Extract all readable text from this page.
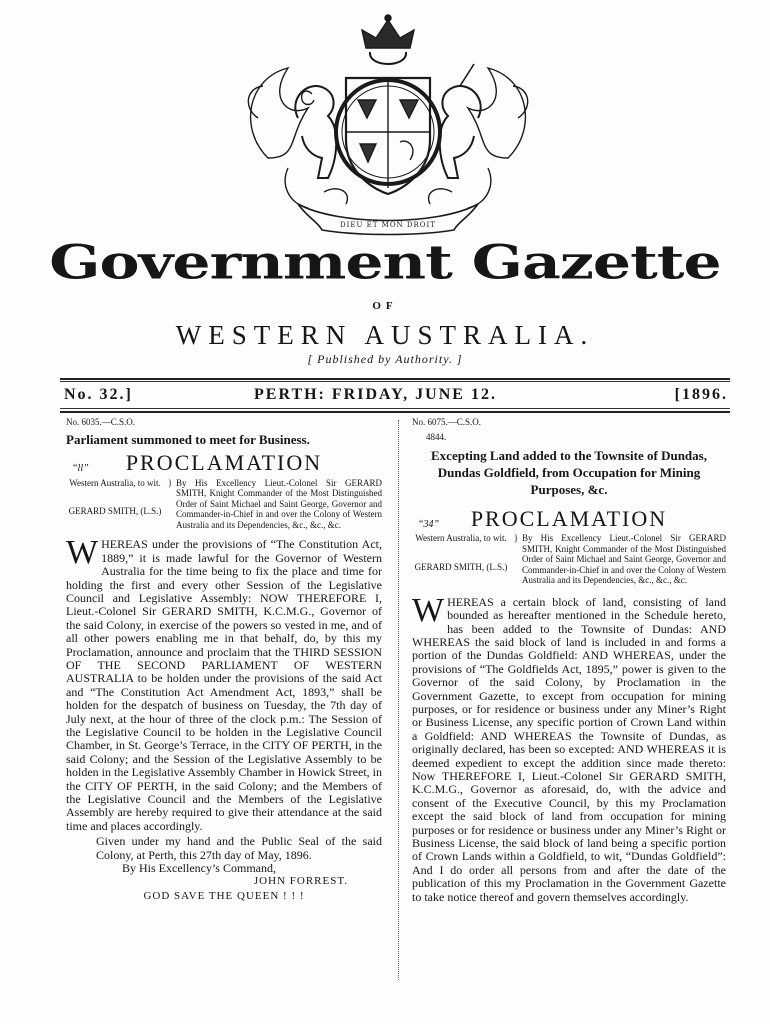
DIEU ET MON DROIT
Government Gazette
OF
WESTERN AUSTRALIA.
[ Published by Authority. ]
No. 32.]	PERTH: FRIDAY, JUNE 12.	[1896.
No. 6035.—C.S.O.
Parliament summoned to meet for Business.
“ll” PROCLAMATION
Western Australia, to wit.
GERARD SMITH, (L.S.)
} By His Excellency Lieut.-Colonel Sir GERARD SMITH, Knight Commander of the Most Distinguished Order of Saint Michael and Saint George, Governor and Commander-in-Chief in and over the Colony of Western Australia and its Dependencies, &c., &c., &c.
WHEREAS under the provisions of “The Constitution Act, 1889,” it is made lawful for the Governor of Western Australia for the time being to fix the place and time for holding the first and every other Session of the Legislative Council and Legislative Assembly: NOW THEREFORE I, Lieut.-Colonel Sir GERARD SMITH, K.C.M.G., Governor of the said Colony, in exercise of the powers so vested in me, and of all other powers enabling me in that behalf, do, by this my Proclamation, announce and proclaim that the THIRD SESSION OF THE SECOND PARLIAMENT OF WESTERN AUSTRALIA to be holden under the provisions of the said Act and “The Constitution Act Amendment Act, 1893,” shall be holden for the despatch of business on Tuesday, the 7th day of July next, at the hour of three of the clock p.m.: The Session of the Legislative Council to be holden in the Legislative Council Chamber, in St. George’s Terrace, in the CITY OF PERTH, in the said Colony; and the Session of the Legislative Assembly to be holden in the Legislative Assembly Chamber in Howick Street, in the CITY OF PERTH, in the said Colony; and the Members of the Legislative Council and the Members of the Legislative Assembly are hereby required to give their attendance at the said time and places accordingly.
Given under my hand and the Public Seal of the said Colony, at Perth, this 27th day of May, 1896.
By His Excellency’s Command,
JOHN FORREST.
GOD SAVE THE QUEEN ! ! !
No. 6075.—C.S.O.
4844.
Excepting Land added to the Townsite of Dundas, Dundas Goldfield, from Occupation for Mining Purposes, &c.
“34” PROCLAMATION
Western Australia, to wit.
GERARD SMITH, (L.S.)
} By His Excellency Lieut.-Colonel Sir GERARD SMITH, Knight Commander of the Most Distinguished Order of Saint Michael and Saint George, Governor and Commander-in-Chief in and over the Colony of Western Australia and its Dependencies, &c., &c., &c.
WHEREAS a certain block of land, consisting of land bounded as hereafter mentioned in the Schedule hereto, has been added to the Townsite of Dundas: AND WHEREAS the said block of land is included in and forms a portion of the Dundas Goldfield: AND WHEREAS, under the provisions of “The Goldfields Act, 1895,” power is given to the Governor of the said Colony, by Proclamation in the Government Gazette, to except from occupation for mining purposes, or for residence or business under any Miner’s Right or Business License, any specific portion of Crown Land within a Goldfield: AND WHEREAS the Townsite of Dundas, as originally declared, has been so excepted: AND WHEREAS it is deemed expedient to except the addition since made thereto: Now THEREFORE I, Lieut.-Colonel Sir GERARD SMITH, K.C.M.G., Governor as aforesaid, do, with the advice and consent of the Executive Council, by this my Proclamation except the said block of land from occupation for mining purposes or for residence or business under any Miner’s Right or Business License, the said block of land being a specific portion of Crown Lands within a Goldfield, to wit, “Dundas Goldfield”: And I do order all persons from and after the date of the publication of this my Proclamation in the Government Gazette to take notice thereof and govern themselves accordingly.
